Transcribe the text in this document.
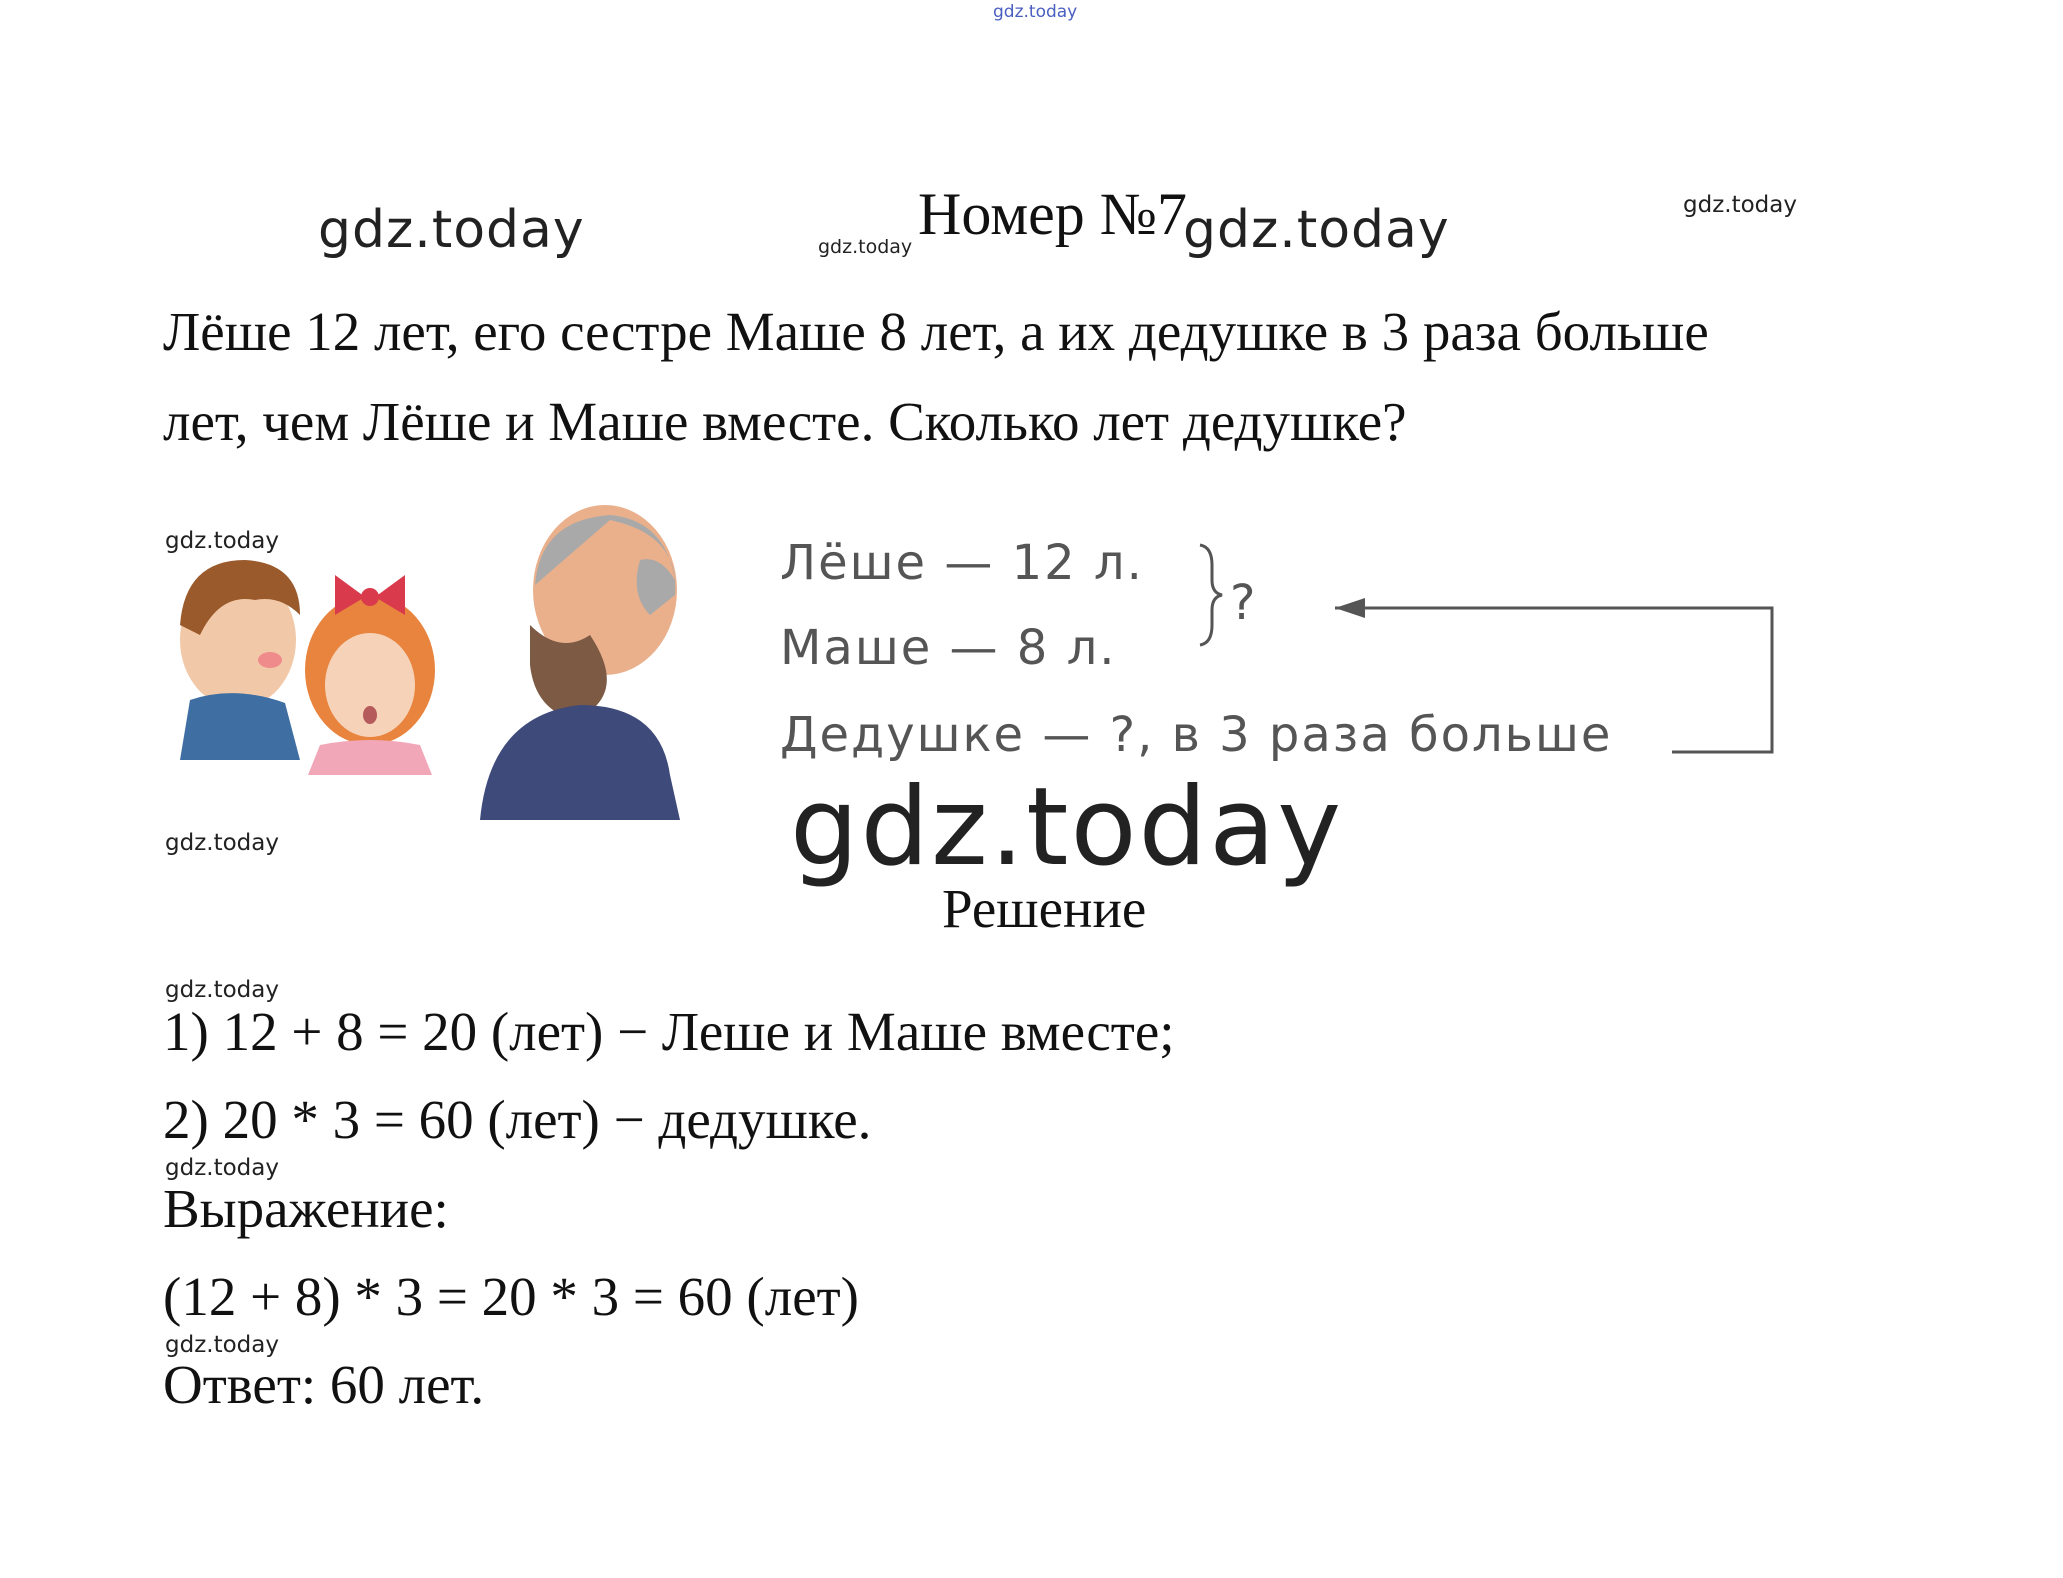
gdz.today
gdz.today	gdz.today	gdz.today	gdz.today
gdz.today
gdz.today	gdz.today
gdz.today
gdz.today
gdz.today
Номер №7
Лёше 12 лет, его сестре Маше 8 лет, а их дедушке в 3 раза больше
лет, чем Лёше и Маше вместе. Сколько лет дедушке?
Лёше — 12 л.
Маше — 8 л.
?
Дедушке — ?, в 3 раза больше
Решение
1) 12 + 8 = 20 (лет) − Леше и Маше вместе;
2) 20 * 3 = 60 (лет) − дедушке.
Выражение:
(12 + 8) * 3 = 20 * 3 = 60 (лет)
Ответ: 60 лет.
